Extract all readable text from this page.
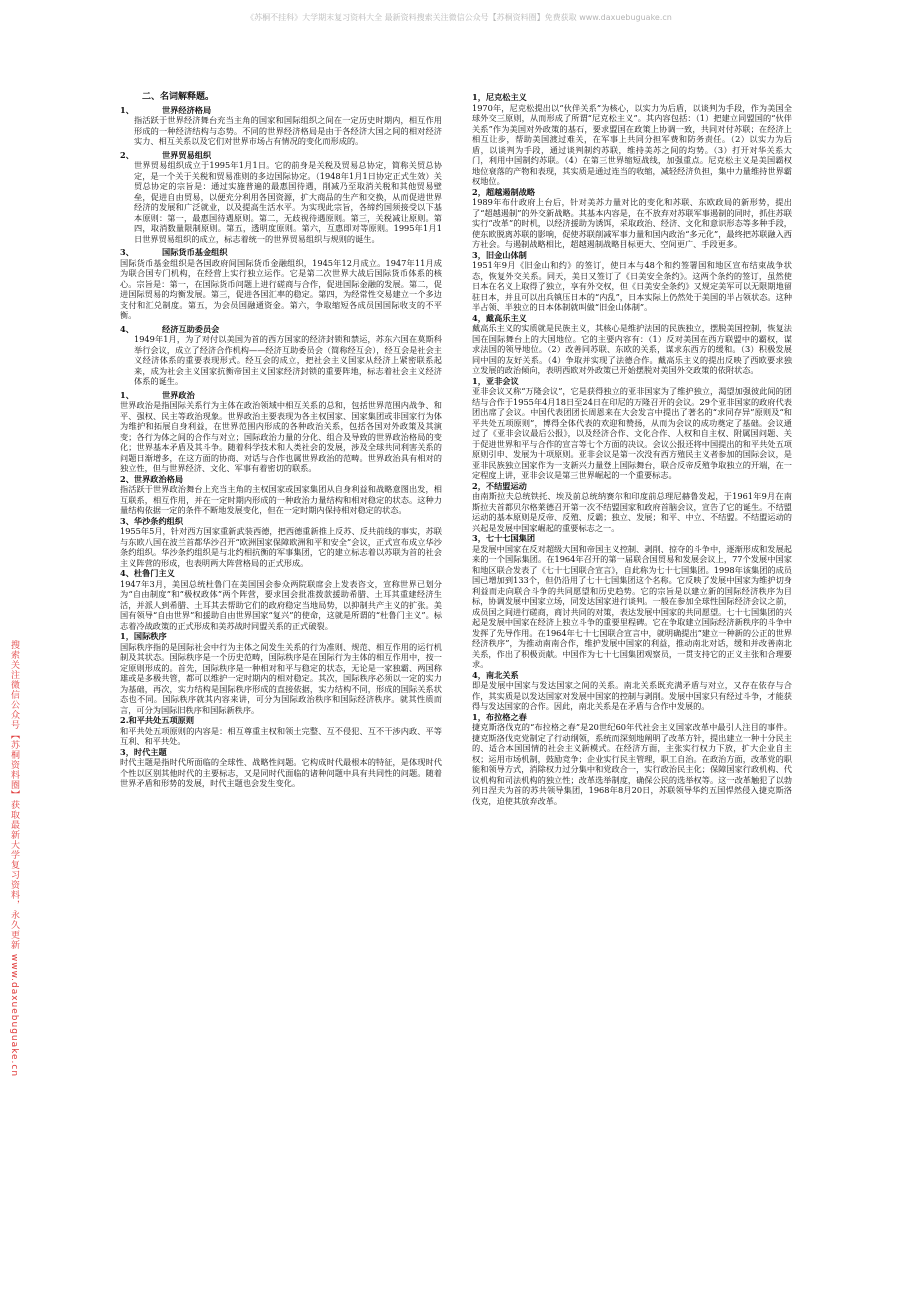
《苏桐不挂科》大学期末复习资料大全 最新资料搜索关注微信公众号【苏桐资料圈】免费获取 www.daxuebuguake.cn
搜索关注微信公众号【苏桐资料圈】获取最新大学复习资料，永久更新 www.daxuebuguake.cn

二、名词解释题。

1、	世界经济格局

指活跃于世界经济舞台充当主角的国家和国际组织之间在一定历史时期内，相互作用形成的一种经济结构与态势。不同的世界经济格局是由于各经济大国之间的相对经济实力、相互关系以及它们对世界市场占有情况的变化而形成的。

2、	世界贸易组织

世界贸易组织成立于1995年1月1日。它的前身是关税及贸易总协定，简称关贸总协定，是一个关于关税和贸易准则的多边国际协定。（1948年1月1日协定正式生效）关贸总协定的宗旨是：通过实施普遍的最惠国待遇，削减乃至取消关税和其他贸易壁垒，促进自由贸易，以便充分利用各国资源，扩大商品的生产和交换，从而促进世界经济的发展和广泛就业，以及提高生活水平。为实现此宗旨，各缔约国须接受以下基本原则：第一，最惠国待遇原则。第二，无歧视待遇原则。第三，关税减让原则。第四，取消数量限制原则。第五，透明度原则。第六，互惠即对等原则。1995年1月1日世界贸易组织的成立，标志着统一的世界贸易组织与规则的诞生。

3、	国际货币基金组织

国际货币基金组织是各国政府间国际货币金融组织，1945年12月成立。1947年11月成为联合国专门机构，在经营上实行独立运作。它是第二次世界大战后国际货币体系的核心。宗旨是：第一，在国际货币问题上进行磋商与合作，促进国际金融的发展。第二，促进国际贸易的均衡发展。第三，促进各国汇率的稳定。第四，为经常性交易建立一个多边支付和汇兑制度。第五，为会员国融通资金。第六，争取缩短各成员国国际收支的不平衡。

4、	经济互助委员会

1949年1月，为了对付以美国为首的西方国家的经济封锁和禁运，苏东六国在莫斯科举行会议，成立了经济合作机构——经济互助委员会（简称经互会），经互会是社会主义经济体系的重要表现形式。经互会的成立，把社会主义国家从经济上紧密联系起来，成为社会主义国家抗衡帝国主义国家经济封锁的重要阵地，标志着社会主义经济体系的诞生。

1、	世界政治

世界政治是指国际关系行为主体在政治领域中相互关系的总和，包括世界范围内战争、和平、强权、民主等政治现象。世界政治主要表现为各主权国家、国家集团或非国家行为体为维护和拓展自身利益，在世界范围内形成的各种政治关系，包括各国对外政策及其演变；各行为体之间的合作与对立；国际政治力量的分化、组合及导致的世界政治格局的变化；世界基本矛盾及其斗争。随着科学技术和人类社会的发展，涉及全球共同利害关系的问题日渐增多，在这方面的协商、对话与合作也属世界政治的范畴。世界政治具有相对的独立性，但与世界经济、文化、军事有着密切的联系。

2、世界政治格局

指活跃于世界政治舞台上充当主角的主权国家或国家集团从自身利益和战略意图出发，相互联系，相互作用，并在一定时期内形成的一种政治力量结构和相对稳定的状态。这种力量结构依据一定的条件不断地发展变化，但在一定时期内保持相对稳定的状态。

3、华沙条约组织

1955年5月，针对西方国家重新武装西德，把西德重新推上反苏、反共前线的事实，苏联与东欧八国在波兰首都华沙召开“欧洲国家保障欧洲和平和安全”会议，正式宣布成立华沙条约组织。华沙条约组织是与北约相抗衡的军事集团，它的建立标志着以苏联为首的社会主义阵营的形成，也表明两大阵营格局的正式形成。

4、杜鲁门主义

1947年3月，美国总统杜鲁门在美国国会参众两院联席会上发表咨文，宣称世界已划分为“自由制度”和“极权政体”两个阵营，要求国会批准拨款援助希腊、土耳其重建经济生活，并派人到希腊、土耳其去帮助它们的政府稳定当地局势，以抑制共产主义的扩张。美国有领导“自由世界”和援助自由世界国家“复兴”的使命，这就是所谓的“杜鲁门主义”。标志着冷战政策的正式形成和美苏战时同盟关系的正式破裂。

1，国际秩序

国际秩序指的是国际社会中行为主体之间发生关系的行为准则、规范、相互作用的运行机制及其状态。国际秩序是一个历史范畴，国际秩序是在国际行为主体的相互作用中，按一定原则形成的。首先，国际秩序是一种相对和平与稳定的状态，无论是一家独霸、两国称雄或是多极共管，都可以维护一定时期内的相对稳定。其次，国际秩序必须以一定的实力为基础，再次，实力结构是国际秩序形成的直接依据，实力结构不同，形成的国际关系状态也不同。国际秩序就其内容来讲，可分为国际政治秩序和国际经济秩序。就其性质而言，可分为国际旧秩序和国际新秩序。

2.和平共处五项原则

和平共处五项原则的内容是：相互尊重主权和领土完整、互不侵犯、互不干涉内政、平等互利、和平共处。

3，时代主题

时代主题是指时代所面临的全球性、战略性问题。它构成时代最根本的特征，是体现时代个性以区别其他时代的主要标志，又是同时代面临的诸种问题中具有共同性的问题。随着世界矛盾和形势的发展，时代主题也会发生变化。

1，尼克松主义

1970年，尼克松提出以“伙伴关系”为核心，以实力为后盾，以谈判为手段，作为美国全球外交三原则，从而形成了所谓“尼克松主义”。其内容包括：（1）把建立同盟国的“伙伴关系”作为美国对外政策的基石，要求盟国在政策上协调一致，共同对付苏联；在经济上相互让步，帮助美国渡过难关，在军事上共同分担军费和防务责任。（2）以实力为后盾，以谈判为手段，通过谈判制约苏联，维持美苏之间的均势。（3）打开对华关系大门，利用中国制约苏联。（4）在第三世界缩短战线，加强重点。尼克松主义是美国霸权地位衰落的产物和表现，其实质是通过连当的收缩，减轻经济负担，集中力量维持世界霸权地位。

2，超越遏制战略

1989年布什政府上台后，针对美苏力量对比的变化和苏联、东欧政局的新形势，提出了“超越遏制”的外交新战略。其基本内容是，在不放弃对苏联军事遏制的同时，抓住苏联实行“改革”的时机，以经济援助为诱饵，采取政治、经济、文化和意识形态等多种手段，使东欧脱离苏联的影响，促使苏联削减军事力量和国内政治“多元化”，最终把苏联融入西方社会。与遏制战略相比，超越遏制战略目标更大、空间更广、手段更多。

3，旧金山体制

1951年9月《旧金山和约》的签订，使日本与48个和约签署国和地区宣布结束战争状态，恢复外交关系。同天，美日又签订了《日美安全条约》。这两个条约的签订，虽然使日本在名义上取得了独立，享有外交权，但《日美安全条约》又规定美军可以无限期地留驻日本，并且可以出兵镇压日本的“内乱”，日本实际上仍然处于美国的半占领状态。这种半占领、半独立的日本体制就叫做“旧金山体制”。

4，戴高乐主义

戴高乐主义的实质就是民族主义，其核心是维护法国的民族独立，摆脱美国控制，恢复法国在国际舞台上的大国地位。它的主要内容有：（1）反对美国在西方联盟中的霸权，谋求法国的领导地位。（2）改善同苏联、东欧的关系，谋求东西方的缓和。（3）积极发展同中国的友好关系。（4）争取并实现了法德合作。戴高乐主义的提出反映了西欧要求独立发展的政治倾向，表明西欧对外政策已开始摆脱对美国外交政策的依附状态。

1，亚非会议

亚非会议又称“万隆会议”，它是获得独立的亚非国家为了维护独立，渴望加强彼此间的团结与合作于1955年4月18日至24日在印尼的万隆召开的会议。29个亚非国家的政府代表团出席了会议。中国代表团团长周恩来在大会发言中提出了著名的“求同存异”原则及“和平共处五项原则”，博得全体代表的欢迎和赞扬，从而为会议的成功奠定了基础。会议通过了《亚非会议最后公报》，以及经济合作、文化合作、人权和自主权、附属国问题、关于促进世界和平与合作的宣言等七个方面的决议。会议公报还将中国提出的和平共处五项原则引申、发展为十项原则。亚非会议是第一次没有西方殖民主义者参加的国际会议，是亚非民族独立国家作为一支新兴力量登上国际舞台，联合反帝反殖争取独立的开端，在一定程度上讲，亚非会议是第三世界崛起的一个重要标志。

2，不结盟运动

由南斯拉夫总统铁托、埃及前总统纳赛尔和印度前总理尼赫鲁发起，于1961年9月在南斯拉夫首都贝尔格莱德召开第一次不结盟国家和政府首脑会议，宣告了它的诞生。不结盟运动的基本原则是反帝、反殖、反霸；独立、发展；和平、中立、不结盟。不结盟运动的兴起是发展中国家崛起的重要标志之一。

3，七十七国集团

是发展中国家在反对超级大国和帝国主义控制、剥削、掠夺的斗争中，逐渐形成和发展起来的一个国际集团。在1964年召开的第一届联合国贸易和发展会议上，77个发展中国家和地区联合发表了《七十七国联合宣言》，自此称为七十七国集团。1998年该集团的成员国已增加到133个，但仍沿用了七十七国集团这个名称。它反映了发展中国家为维护切身利益而走向联合斗争的共同愿望和历史趋势。它的宗旨是以建立新的国际经济秩序为目标，协调发展中国家立场，同发达国家进行谈判。一般在参加全球性国际经济会议之前，成员国之间进行磋商，商讨共同的对策，表达发展中国家的共同愿望。七十七国集团的兴起是发展中国家在经济上独立斗争的重要里程碑。它在争取建立国际经济新秩序的斗争中发挥了先导作用。在1964年七十七国联合宣言中，就明确提出“建立一种新的公正的世界经济秩序”，为推动南南合作，维护发展中国家的利益，推动南北对话，缓和并改善南北关系，作出了积极贡献。中国作为七十七国集团观察员，一贯支持它的正义主张和合理要求。

4，南北关系

即是发展中国家与发达国家之间的关系。南北关系既充满矛盾与对立，又存在依存与合作，其实质是以发达国家对发展中国家的控制与剥削。发展中国家只有经过斗争，才能获得与发达国家的合作。因此，南北关系是在矛盾与合作中发展的。

1，布拉格之春

捷克斯洛伐克的“布拉格之春”是20世纪60年代社会主义国家改革中最引人注目的事件。捷克斯洛伐克党制定了行动纲领，系统而深刻地阐明了改革方针，提出建立一种十分民主的、适合本国国情的社会主义新模式。在经济方面，主张实行权力下放，扩大企业自主权；运用市场机制，鼓励竞争；企业实行民主管理，职工自治。在政治方面，改革党的职能和领导方式，消除权力过分集中和党政合一，实行政治民主化；保障国家行政机构、代议机构和司法机构的独立性；改革选举制度，确保公民的选举权等。这一改革触犯了以勃列日涅夫为首的苏共领导集团，1968年8月20日，苏联领导华约五国悍然侵入捷克斯洛伐克，迫使其放弃改革。
